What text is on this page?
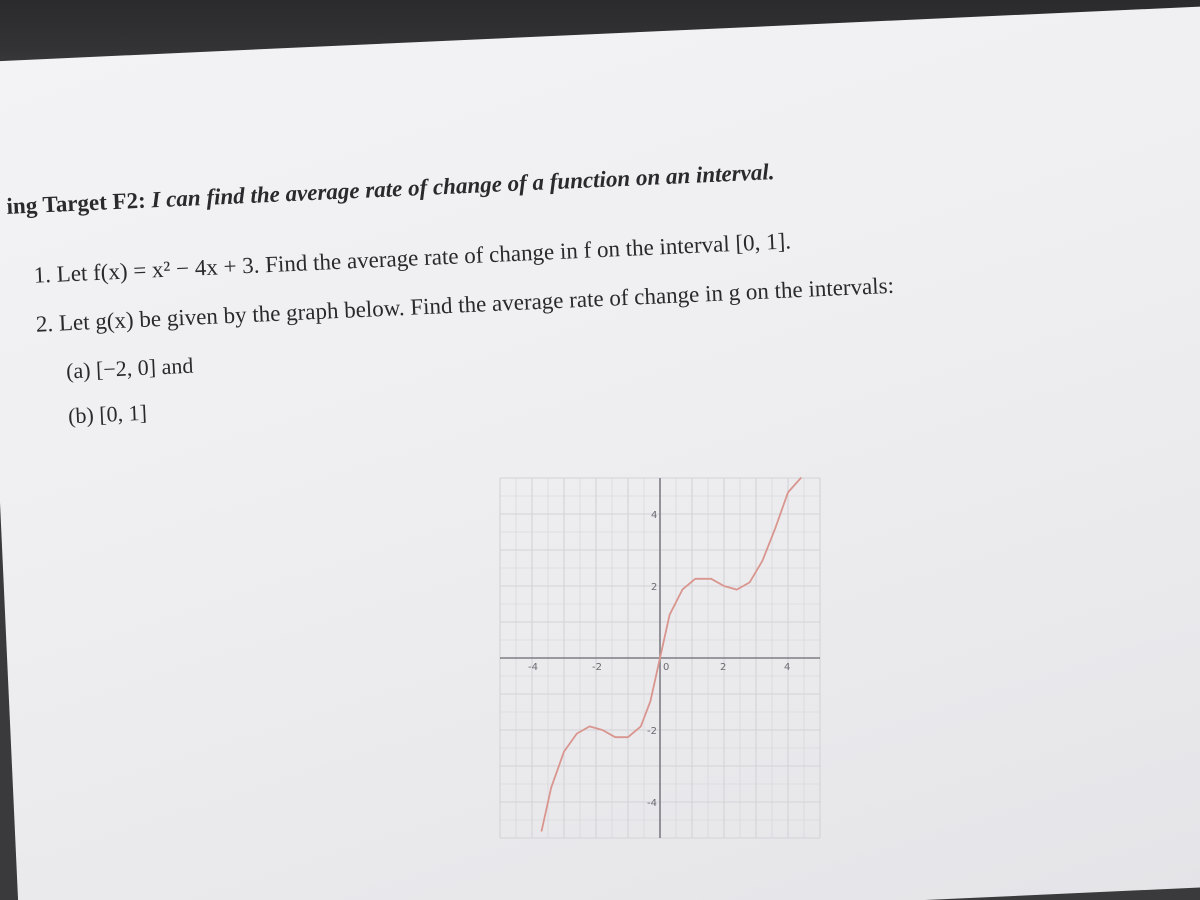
ing Target F2: I can find the average rate of change of a function on an interval.
1. Let f(x) = x² − 4x + 3. Find the average rate of change in f on the interval [0, 1].
2. Let g(x) be given by the graph below. Find the average rate of change in g on the intervals:
(a) [−2, 0] and
(b) [0, 1]
-4	-2	0	2	4
4
2
-2
-4
